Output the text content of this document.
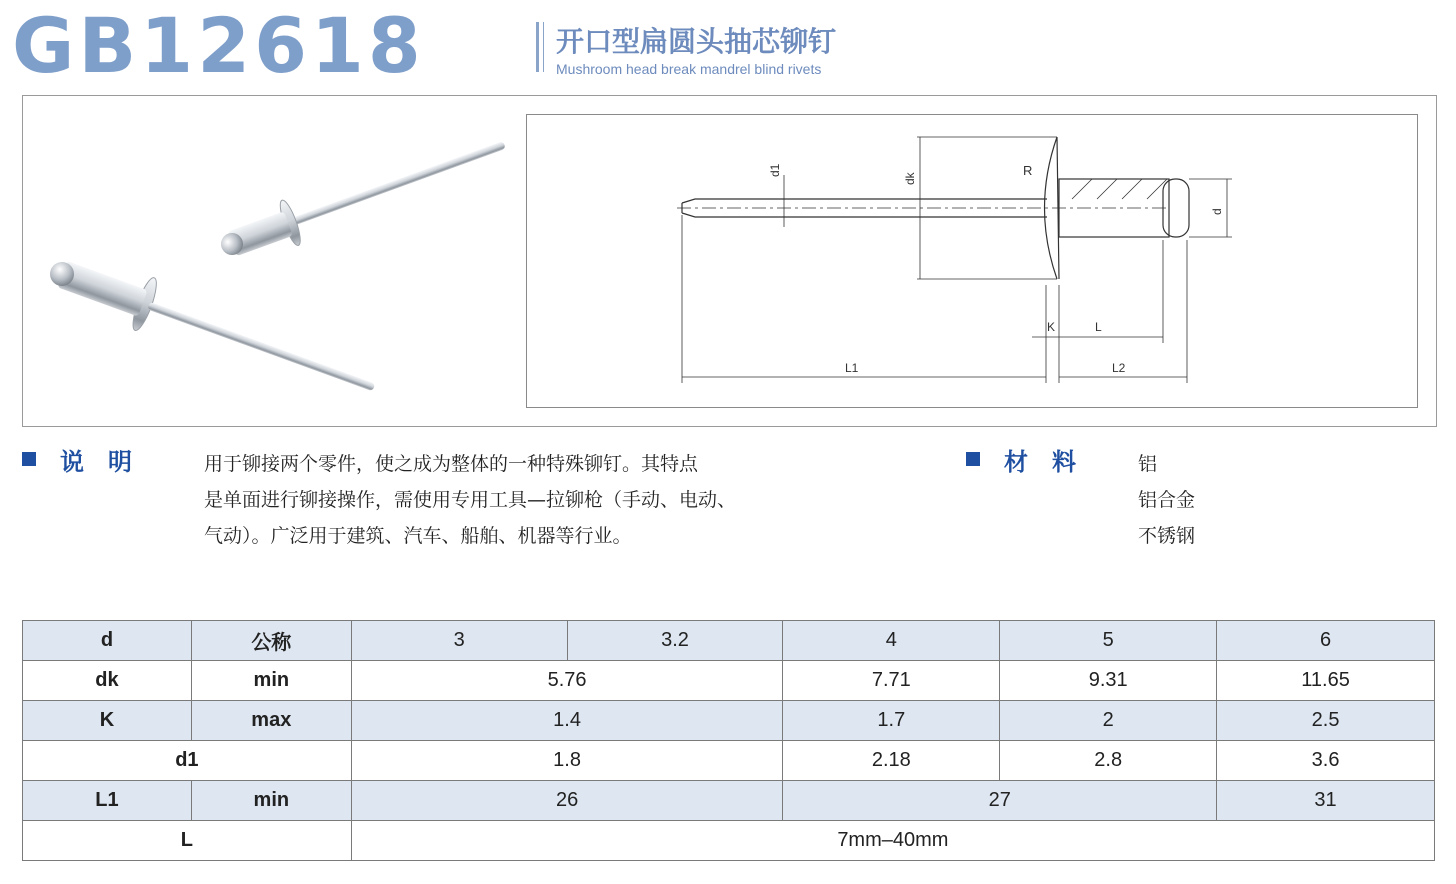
GB12618	开口型扁圆头抽芯铆钉
Mushroom head break mandrel blind rivets
d1
dk
R
d
K	L
L1	L2
说　明	用于铆接两个零件，使之成为整体的一种特殊铆钉。其特点
是单面进行铆接操作，需使用专用工具—拉铆枪（手动、电动、
气动）。广泛用于建筑、汽车、船舶、机器等行业。
材　料	铝
铝合金
不锈钢
d	公称	3	3.2	4	5	6
dk	min	5.76		7.71	9.31	11.65
K	max	1.4		1.7	2	2.5
d1		1.8		2.18	2.8	3.6
L1	min	26		27		31
L		7mm–40mm				
